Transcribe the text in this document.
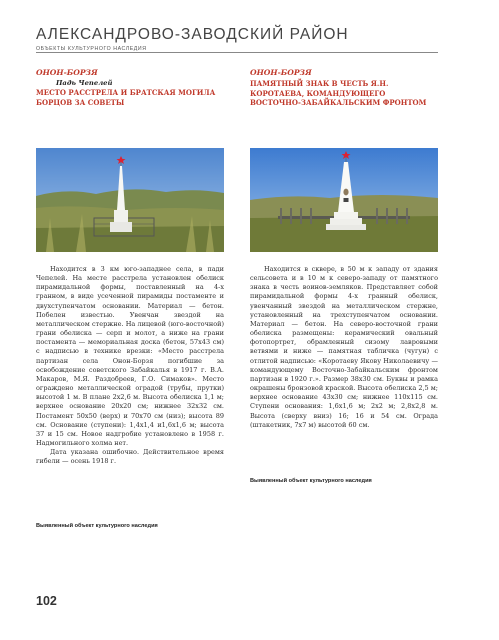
АЛЕКСАНДРОВО-ЗАВОДСКИЙ РАЙОН
ОБЪЕКТЫ КУЛЬТУРНОГО НАСЛЕДИЯ

ОНОН-БОРЗЯ

Падь Чепелей

МЕСТО РАССТРЕЛА И БРАТСКАЯ МОГИЛА БОРЦОВ ЗА СОВЕТЫ

ОНОН-БОРЗЯ

ПАМЯТНЫЙ ЗНАК В ЧЕСТЬ Я.Н. КОРОТАЕВА, КОМАНДУЮЩЕГО ВОСТОЧНО-ЗАБАЙКАЛЬСКИМ ФРОНТОМ

Находится в 3 км юго-западнее села, в пади Чепелей. На месте расстрела установлен обелиск пирамидальной формы, поставленный на 4-х гранном, в виде усеченной пирамиды постаменте и двухступенчатом основании. Материал — бетон. Побелен известью. Увенчан звездой на металлическом стержне. На лицевой (юго-восточной) грани обелиска — серп и молот, а ниже на грани постамента — мемориальная доска (бетон, 57х43 см) с надписью в технике врезки: «Место расстрела партизан села Онон-Борзя погибшие за освобождение советского Забайкалья в 1917 г. В.А. Макаров, М.Я. Раздобреев, Г.О. Симаков». Место ограждено металлической оградой (трубы, прутки) высотой 1 м. В плане 2х2,6 м. Высота обелиска 1,1 м; верхнее основание 20х20 см; нижнее 32х32 см. Постамент 50х50 (верх) и 70х70 см (низ); высота 89 см. Основание (ступени): 1,4х1,4 и1,6х1,6 м; высота 37 и 15 см. Новое надгробие установлено в 1958 г. Надмогильного холма нет.

Дата указана ошибочно. Действительное время гибели — осень 1918 г.

Выявленный объект культурного наследия

Находится в сквере, в 50 м к западу от здания сельсовета и в 10 м к северо-западу от памятного знака в честь воинов-земляков. Представляет собой пирамидальной формы 4-х гранный обелиск, увенчанный звездой на металлическом стержне, установленный на трехступенчатом основании. Материал — бетон. На северо-восточной грани обелиска размещены: керамический овальный фотопортрет, обрамленный сизому лавровыми ветвями и ниже — памятная табличка (чугун) с отлитой надписью: «Коротаеву Якову Николаевичу — командующему Восточно-Забайкальским фронтом партизан в 1920 г.». Размер 38х30 см. Буквы и рамка окрашены бронзовой краской. Высота обелиска 2,5 м; верхнее основание 43х30 см; нижнее 110х115 см. Ступени основания: 1,6х1,6 м; 2х2 м; 2,8х2,8 м. Высота (сверху вниз) 16; 16 и 54 см. Ограда (штакетник, 7х7 м) высотой 60 см.

Выявленный объект культурного наследия
102
